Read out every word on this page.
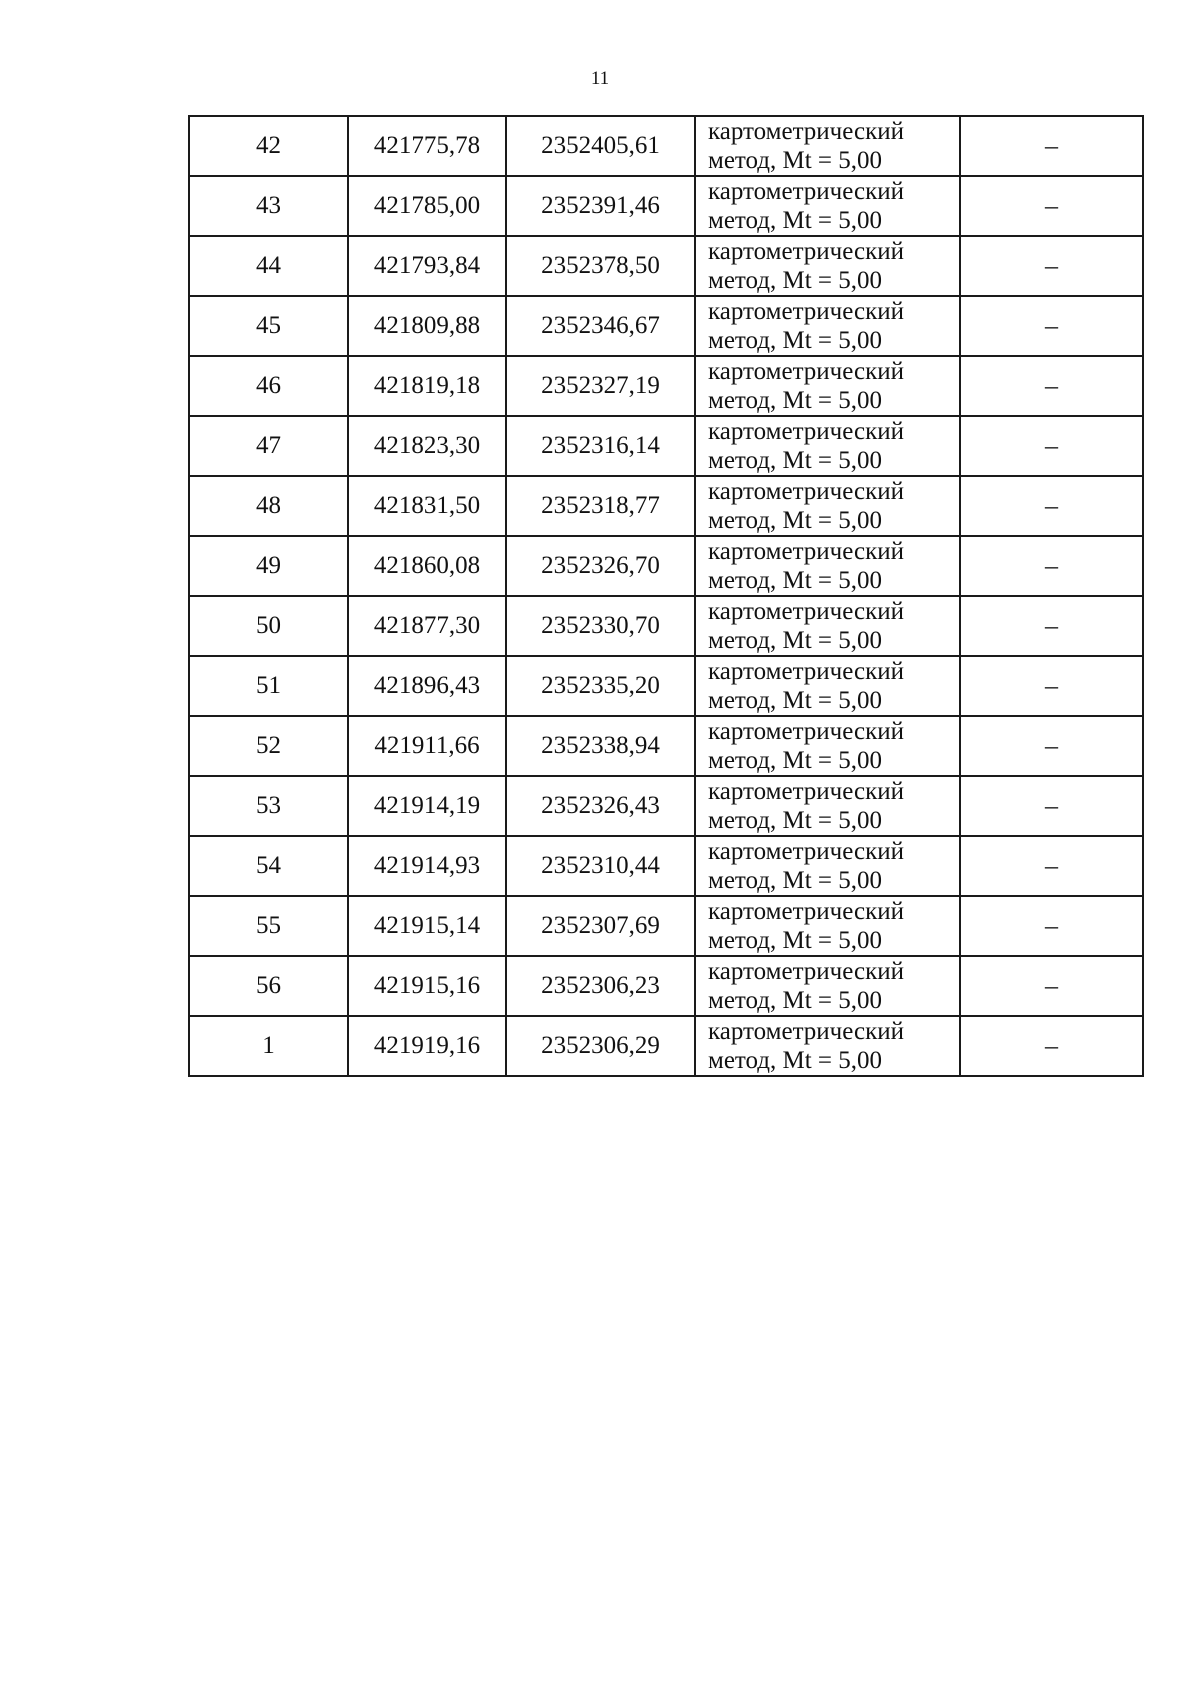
11
42	421775,78	2352405,61	картометрический
метод, Mt = 5,00	–
43	421785,00	2352391,46	картометрический
метод, Mt = 5,00	–
44	421793,84	2352378,50	картометрический
метод, Mt = 5,00	–
45	421809,88	2352346,67	картометрический
метод, Mt = 5,00	–
46	421819,18	2352327,19	картометрический
метод, Mt = 5,00	–
47	421823,30	2352316,14	картометрический
метод, Mt = 5,00	–
48	421831,50	2352318,77	картометрический
метод, Mt = 5,00	–
49	421860,08	2352326,70	картометрический
метод, Mt = 5,00	–
50	421877,30	2352330,70	картометрический
метод, Mt = 5,00	–
51	421896,43	2352335,20	картометрический
метод, Mt = 5,00	–
52	421911,66	2352338,94	картометрический
метод, Mt = 5,00	–
53	421914,19	2352326,43	картометрический
метод, Mt = 5,00	–
54	421914,93	2352310,44	картометрический
метод, Mt = 5,00	–
55	421915,14	2352307,69	картометрический
метод, Mt = 5,00	–
56	421915,16	2352306,23	картометрический
метод, Mt = 5,00	–
1	421919,16	2352306,29	картометрический
метод, Mt = 5,00	–
